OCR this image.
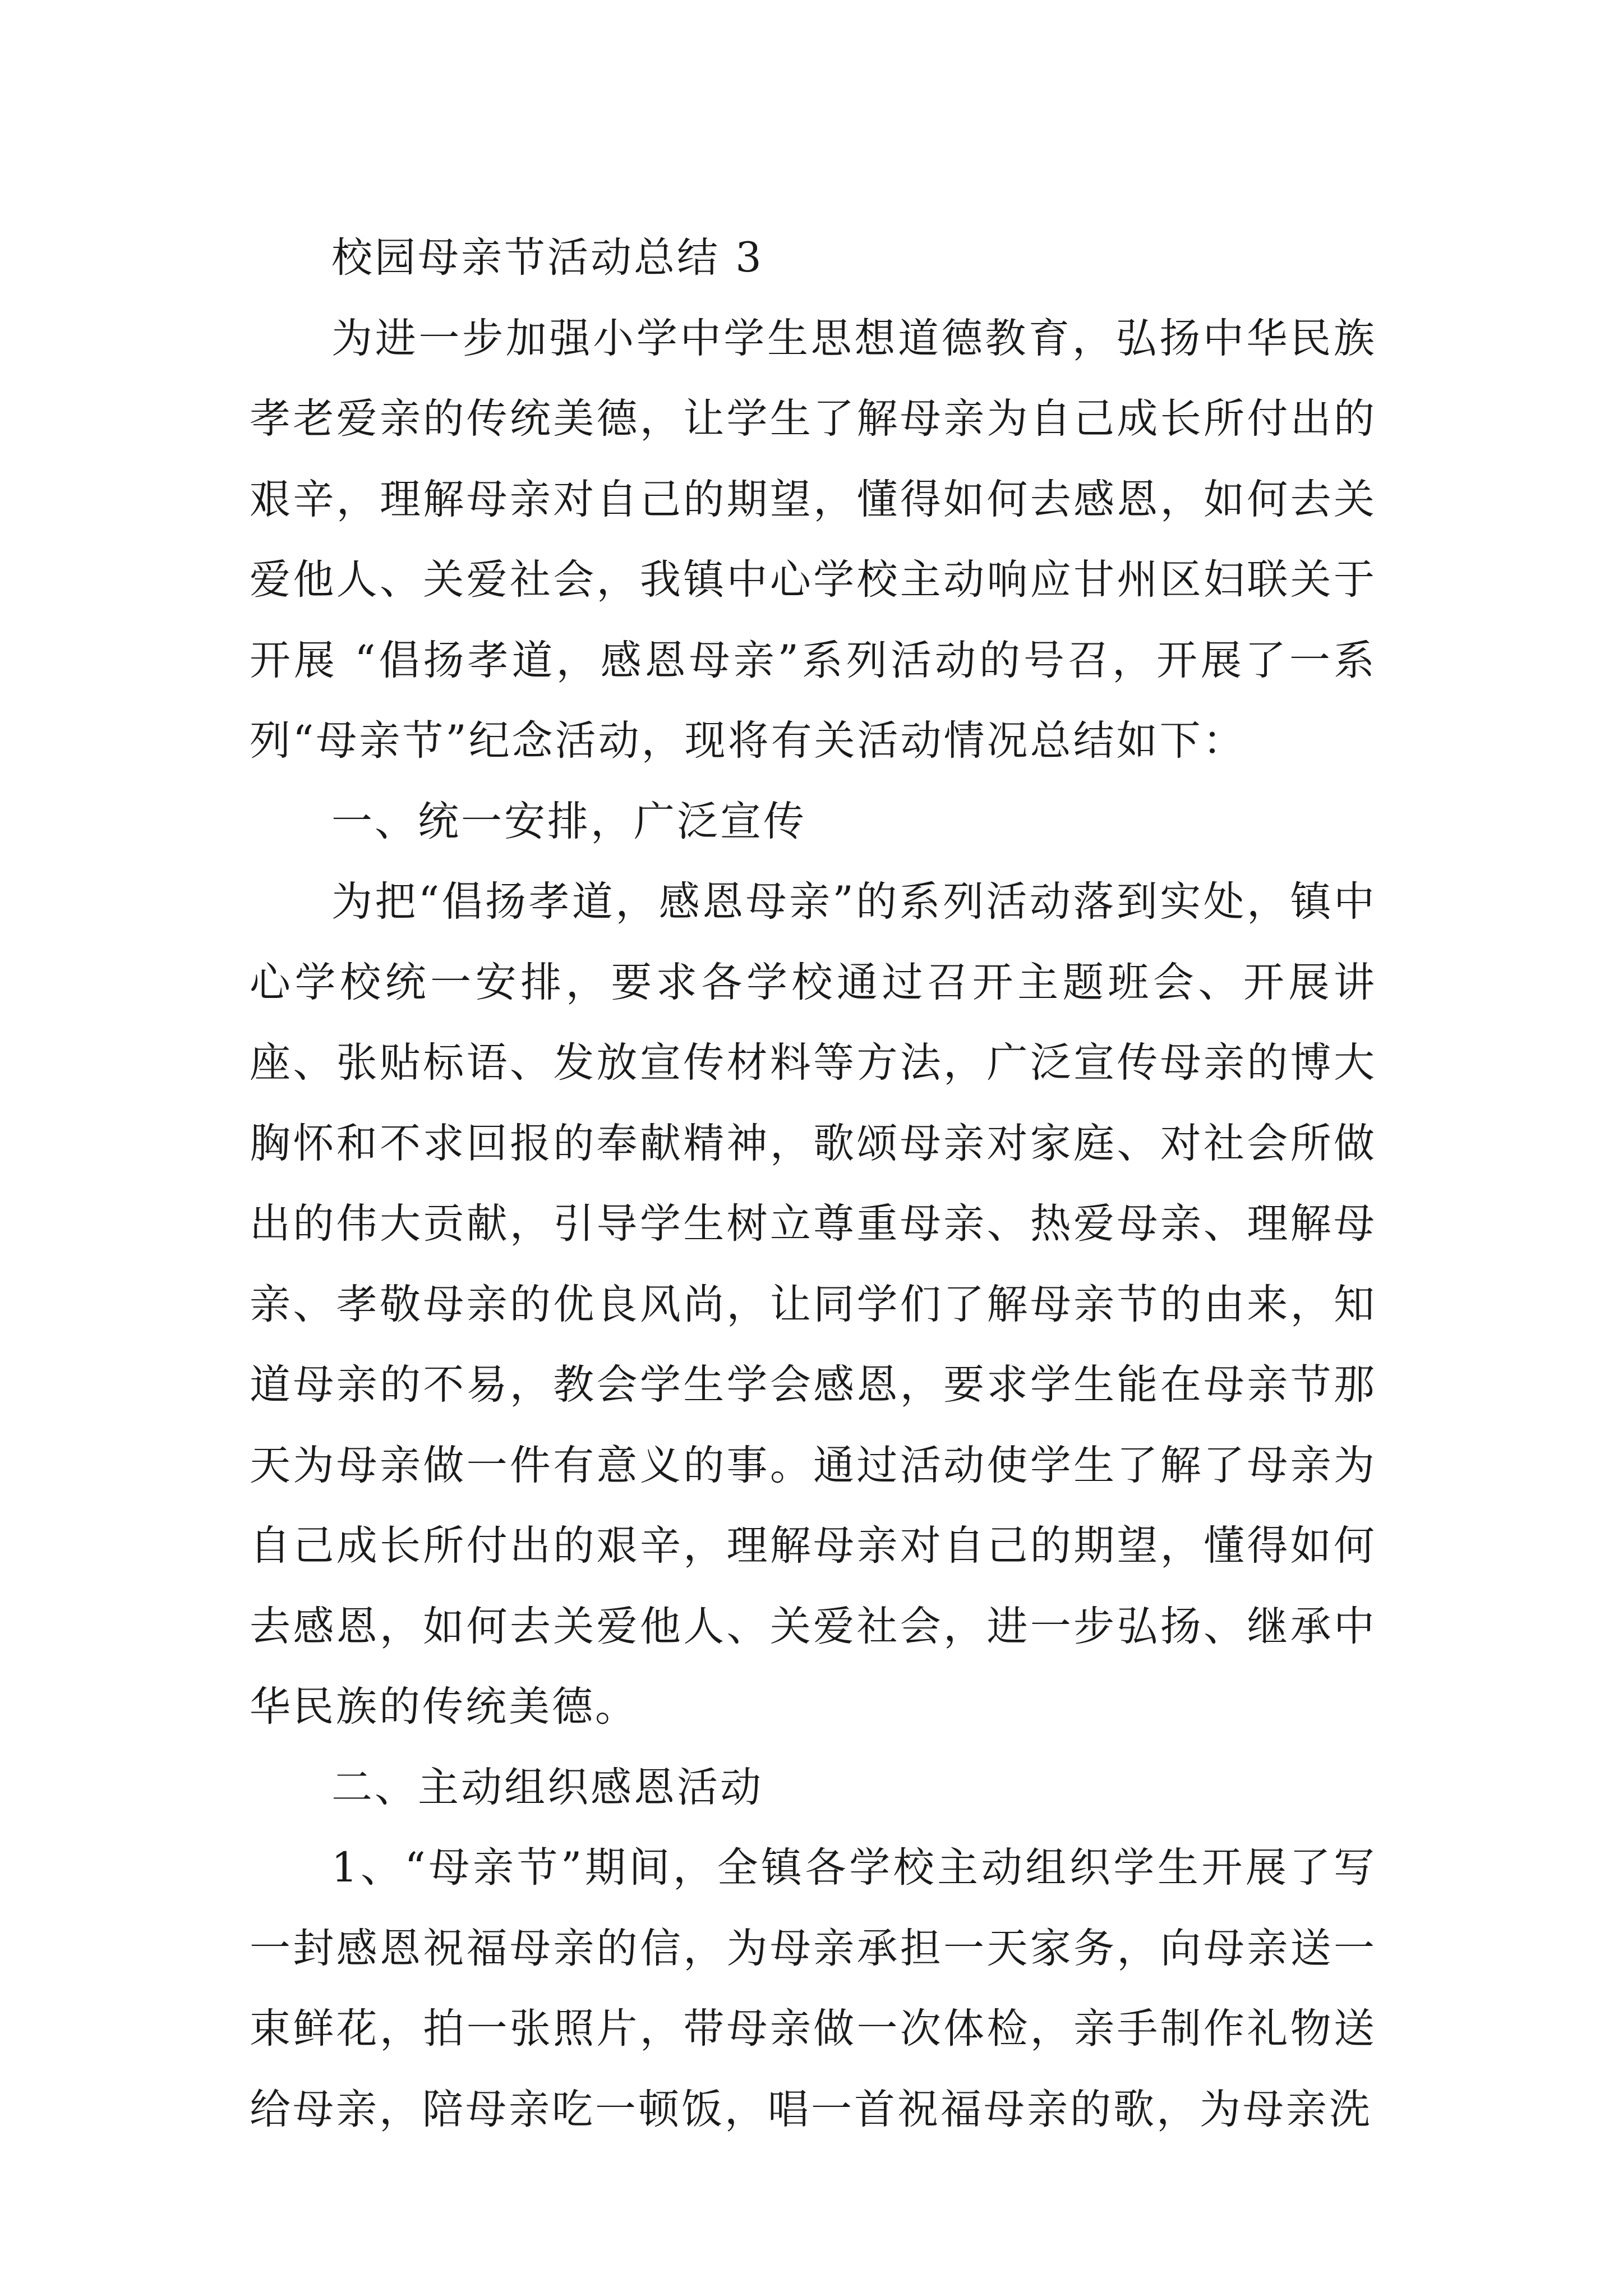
校园母亲节活动总结 3

为进一步加强小学中学生思想道德教育，弘扬中华民族孝老爱亲的传统美德，让学生了解母亲为自己成长所付出的艰辛，理解母亲对自己的期望，懂得如何去感恩，如何去关爱他人、关爱社会，我镇中心学校主动响应甘州区妇联关于开展 “倡扬孝道，感恩母亲”系列活动的号召，开展了一系列“母亲节”纪念活动，现将有关活动情况总结如下：

一、统一安排，广泛宣传

为把“倡扬孝道，感恩母亲”的系列活动落到实处，镇中心学校统一安排，要求各学校通过召开主题班会、开展讲座、张贴标语、发放宣传材料等方法，广泛宣传母亲的博大胸怀和不求回报的奉献精神，歌颂母亲对家庭、对社会所做出的伟大贡献，引导学生树立尊重母亲、热爱母亲、理解母亲、孝敬母亲的优良风尚，让同学们了解母亲节的由来，知道母亲的不易，教会学生学会感恩，要求学生能在母亲节那天为母亲做一件有意义的事。通过活动使学生了解了母亲为自己成长所付出的艰辛，理解母亲对自己的期望，懂得如何去感恩，如何去关爱他人、关爱社会，进一步弘扬、继承中华民族的传统美德。

二、主动组织感恩活动

1、“母亲节”期间，全镇各学校主动组织学生开展了写一封感恩祝福母亲的信，为母亲承担一天家务，向母亲送一束鲜花，拍一张照片，带母亲做一次体检，亲手制作礼物送给母亲，陪母亲吃一顿饭，唱一首祝福母亲的歌，为母亲洗
